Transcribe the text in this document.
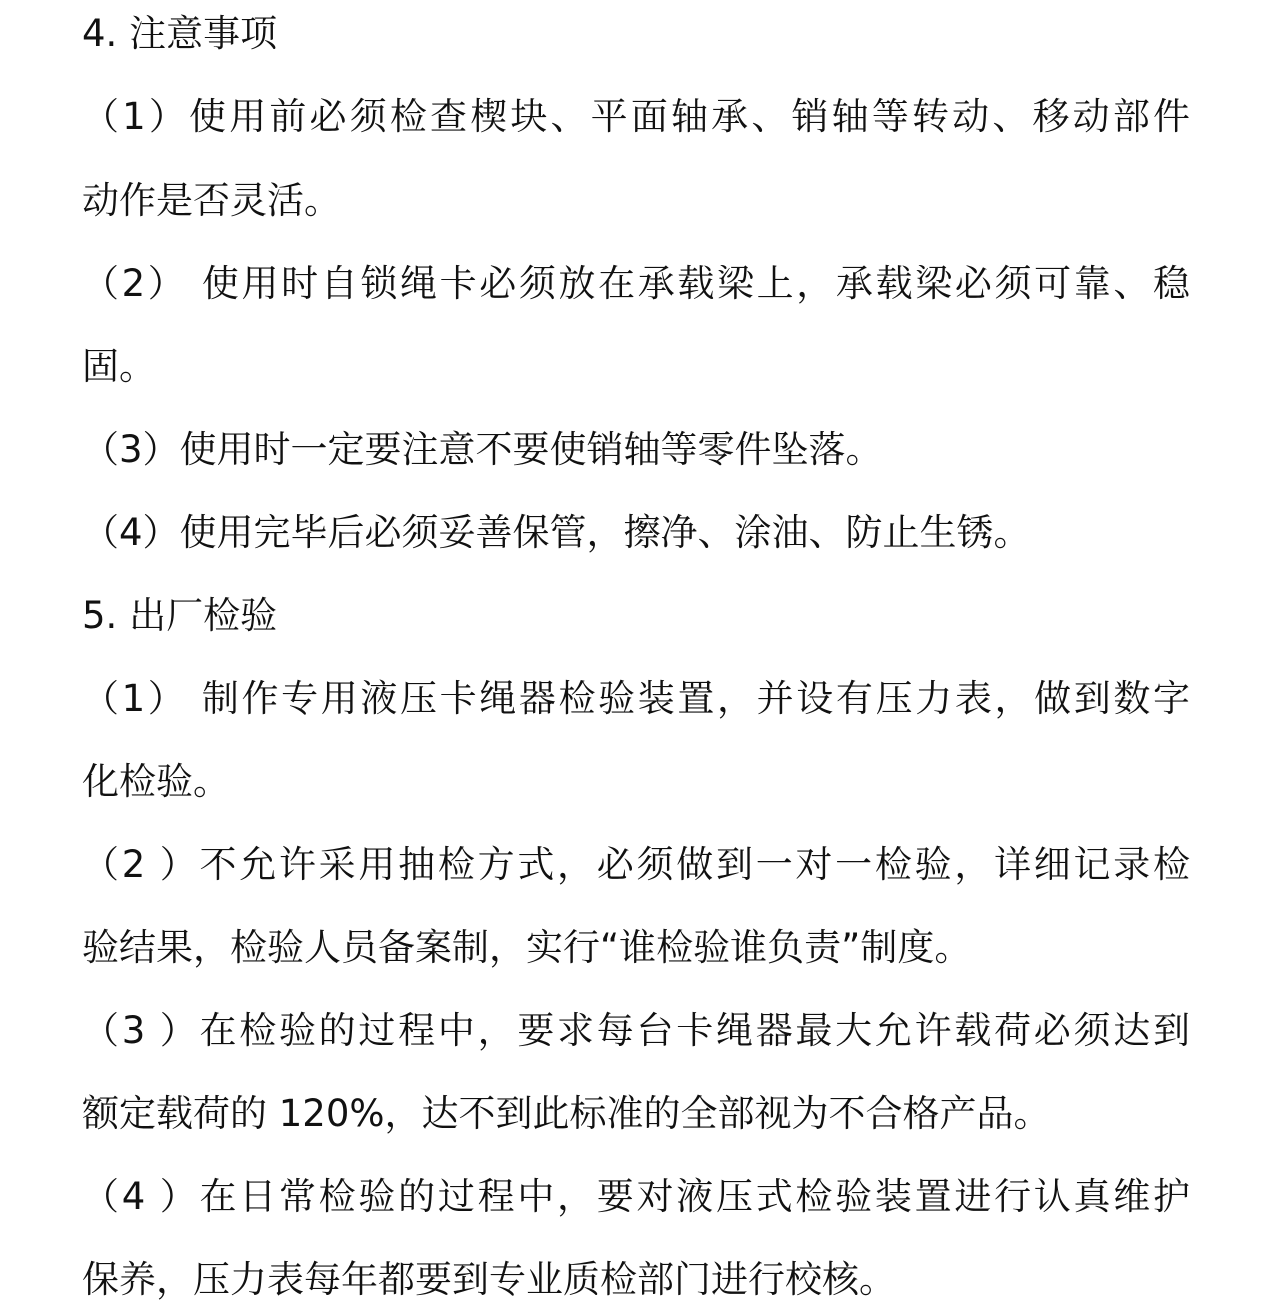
4. 注意事项
（1）使用前必须检查楔块、平面轴承、销轴等转动、移动部件
动作是否灵活。
（2） 使用时自锁绳卡必须放在承载梁上，承载梁必须可靠、稳
固。
（3）使用时一定要注意不要使销轴等零件坠落。
（4）使用完毕后必须妥善保管，擦净、涂油、防止生锈。
5. 出厂检验
（1） 制作专用液压卡绳器检验装置，并设有压力表，做到数字
化检验。
（2 ）不允许采用抽检方式，必须做到一对一检验，详细记录检
验结果，检验人员备案制，实行“谁检验谁负责”制度。
（3 ）在检验的过程中，要求每台卡绳器最大允许载荷必须达到
额定载荷的 120%，达不到此标准的全部视为不合格产品。
（4 ）在日常检验的过程中，要对液压式检验装置进行认真维护
保养，压力表每年都要到专业质检部门进行校核。
